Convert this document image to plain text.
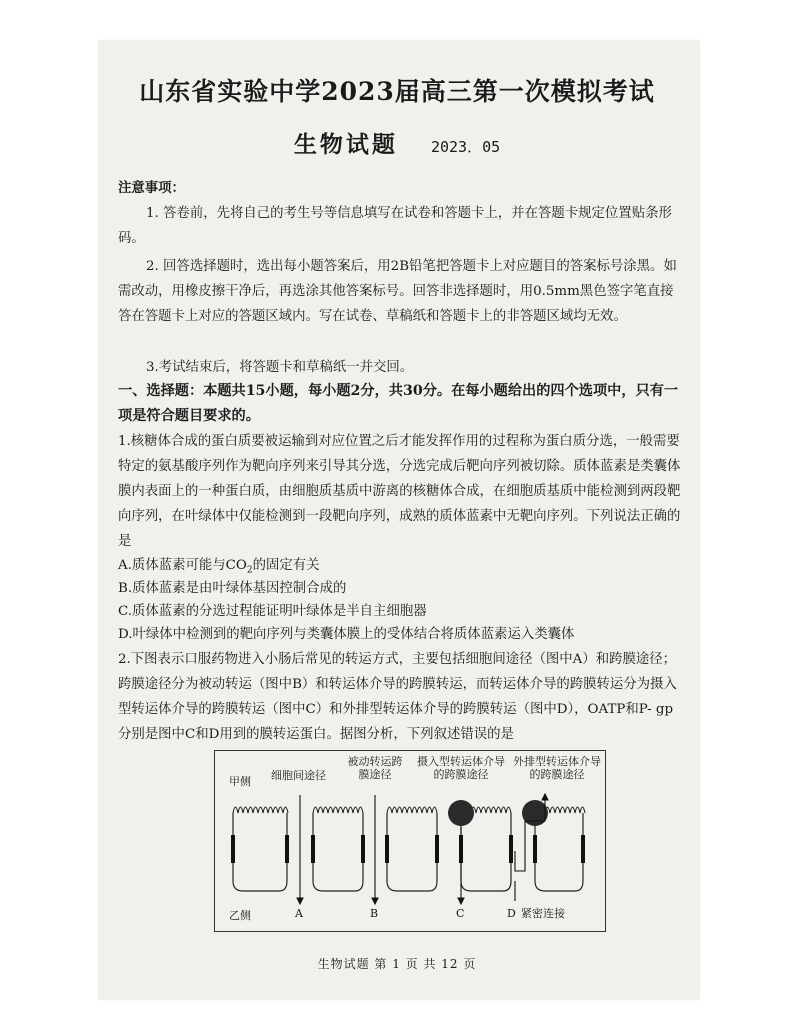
山东省实验中学2023届高三第一次模拟考试
生物试题 2023．05
注意事项：
1. 答卷前，先将自己的考生号等信息填写在试卷和答题卡上，并在答题卡规定位置贴条形码。
2. 回答选择题时，选出每小题答案后，用2B铅笔把答题卡上对应题目的答案标号涂黑。如需改动，用橡皮擦干净后，再选涂其他答案标号。回答非选择题时，用0.5mm黑色签字笔直接答在答题卡上对应的答题区域内。写在试卷、草稿纸和答题卡上的非答题区域均无效。
3.考试结束后，将答题卡和草稿纸一并交回。
一、选择题：本题共15小题，每小题2分，共30分。在每小题给出的四个选项中，只有一项是符合题目要求的。
1.核糖体合成的蛋白质要被运输到对应位置之后才能发挥作用的过程称为蛋白质分选，一般需要特定的氨基酸序列作为靶向序列来引导其分选，分选完成后靶向序列被切除。质体蓝素是类囊体膜内表面上的一种蛋白质，由细胞质基质中游离的核糖体合成，在细胞质基质中能检测到两段靶向序列，在叶绿体中仅能检测到一段靶向序列，成熟的质体蓝素中无靶向序列。下列说法正确的是
A.质体蓝素可能与$CO_2$的固定有关
B.质体蓝素是由叶绿体基因控制合成的
C.质体蓝素的分选过程能证明叶绿体是半自主细胞器
D.叶绿体中检测到的靶向序列与类囊体膜上的受体结合将质体蓝素运入类囊体
2.下图表示口服药物进入小肠后常见的转运方式，主要包括细胞间途径（图中A）和跨膜途径；跨膜途径分为被动转运（图中B）和转运体介导的跨膜转运，而转运体介导的跨膜转运分为摄入型转运体介导的跨膜转运（图中C）和外排型转运体介导的跨膜转运（图中D），OATP和P- gp分别是图中C和D用到的膜转运蛋白。据图分析，下列叙述错误的是
甲侧
乙侧
细胞间途径
被动转运跨膜途径
摄入型转运体介导的跨膜途径
外排型转运体介导的跨膜途径
A	B	C	D 紧密连接
生物试题 第 1 页 共 12 页
